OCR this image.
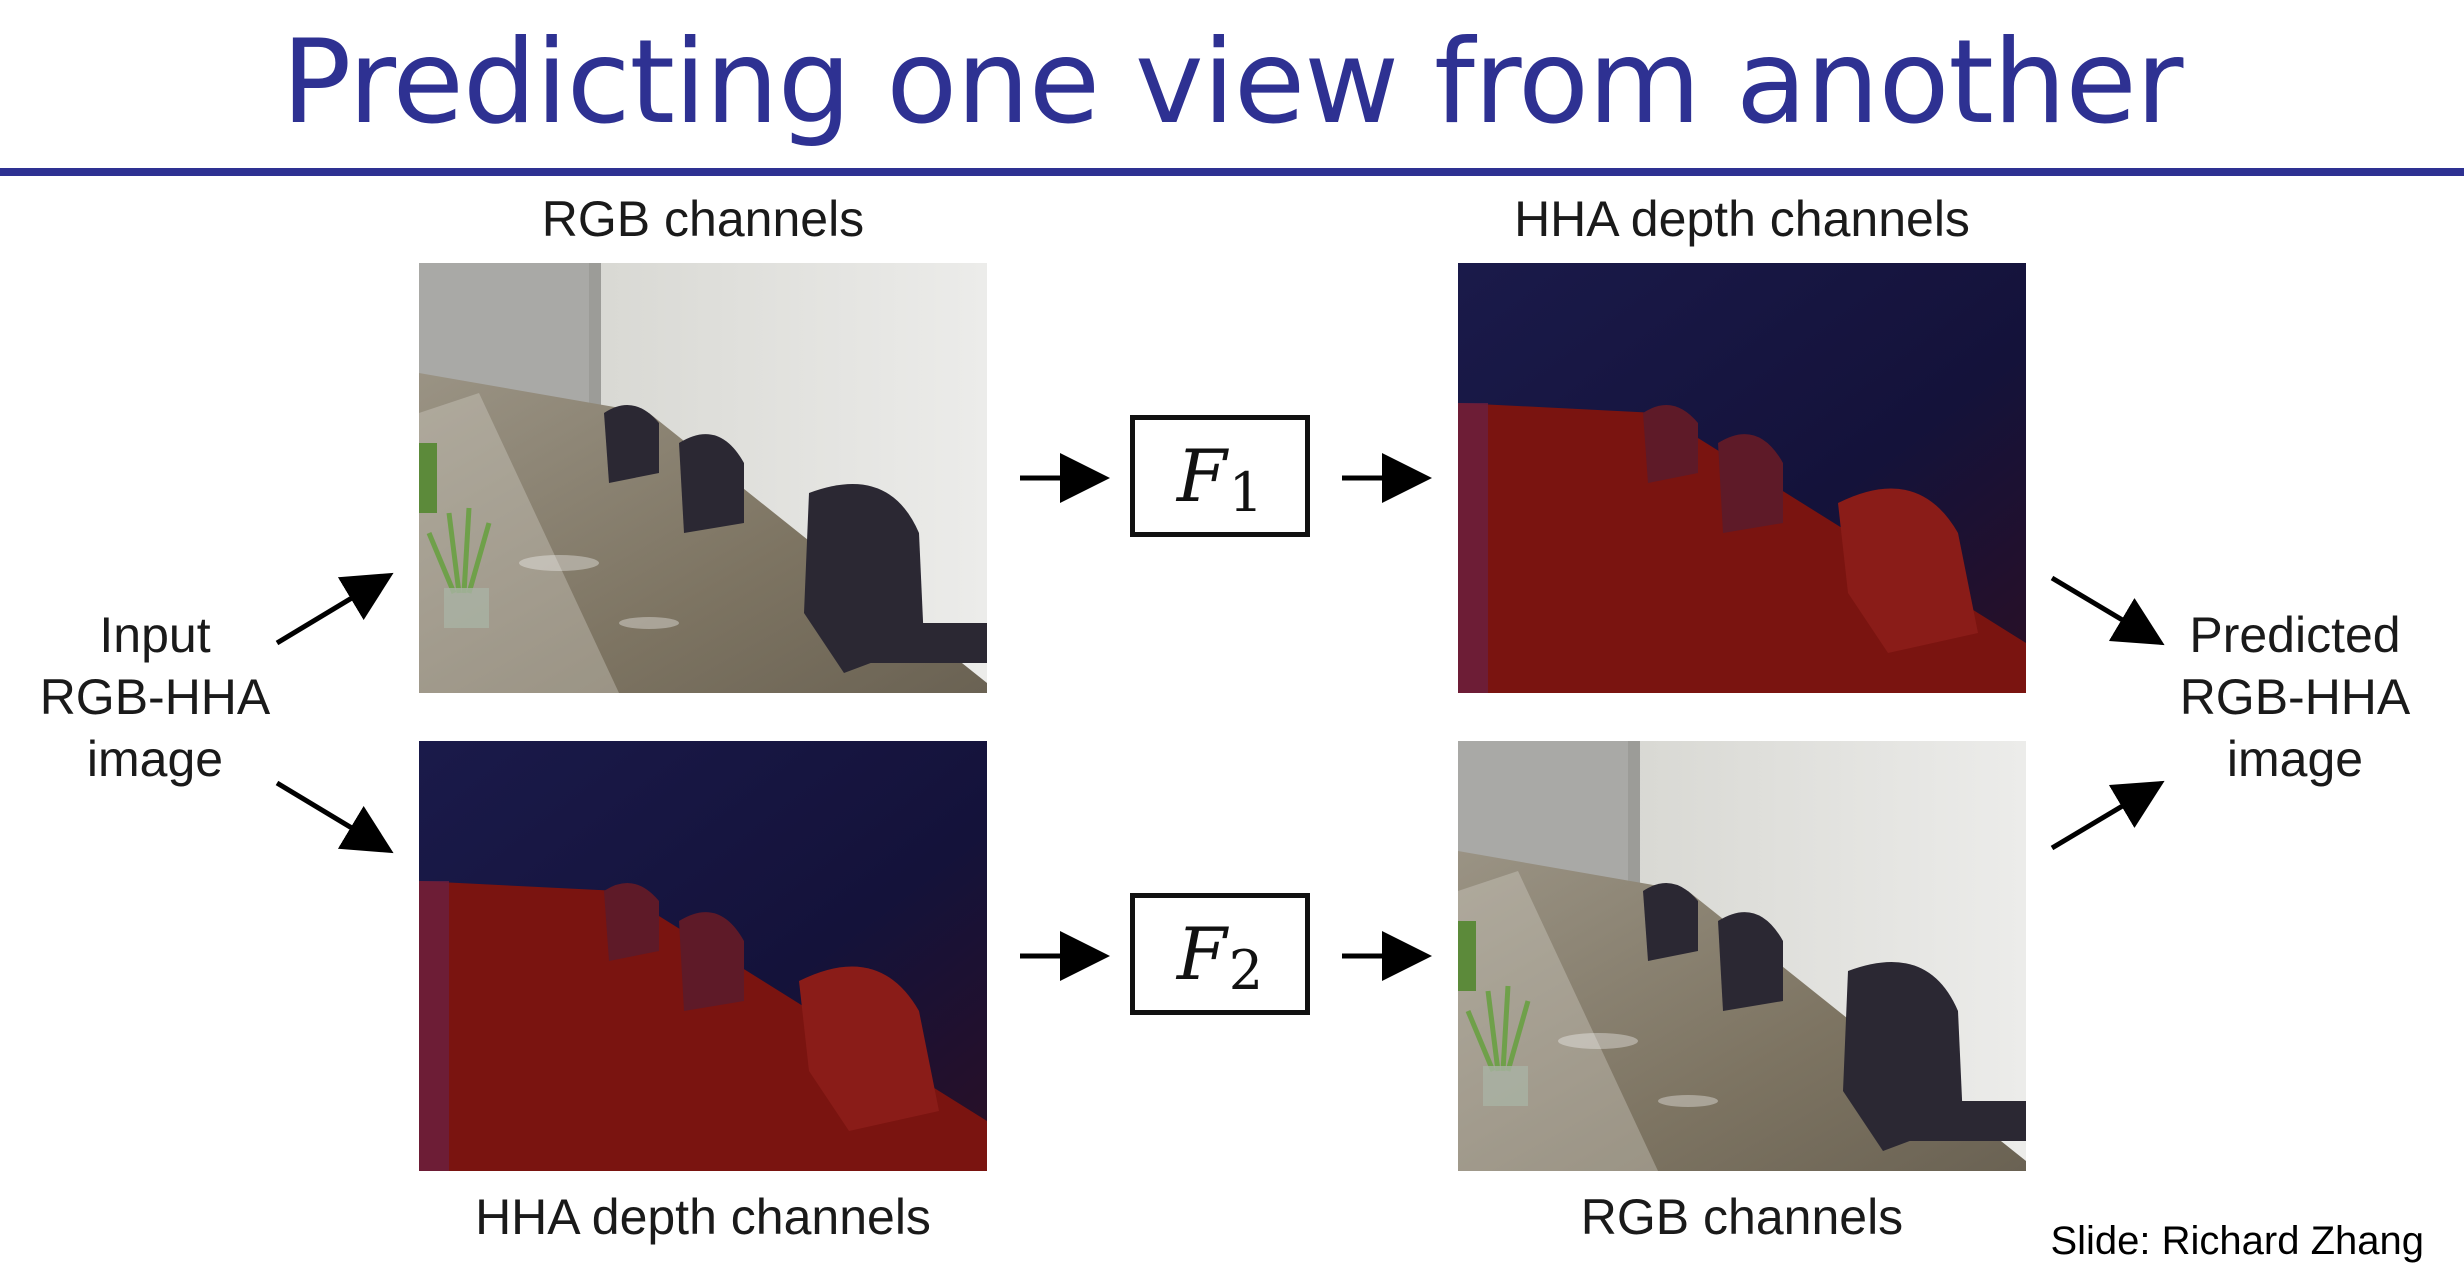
Predicting one view from another
RGB channels	HHA depth channels
HHA depth channels	RGB channels
Input
RGB-HHA
image
Predicted
RGB-HHA
image
$F_1$
$F_2$
Slide: Richard Zhang
